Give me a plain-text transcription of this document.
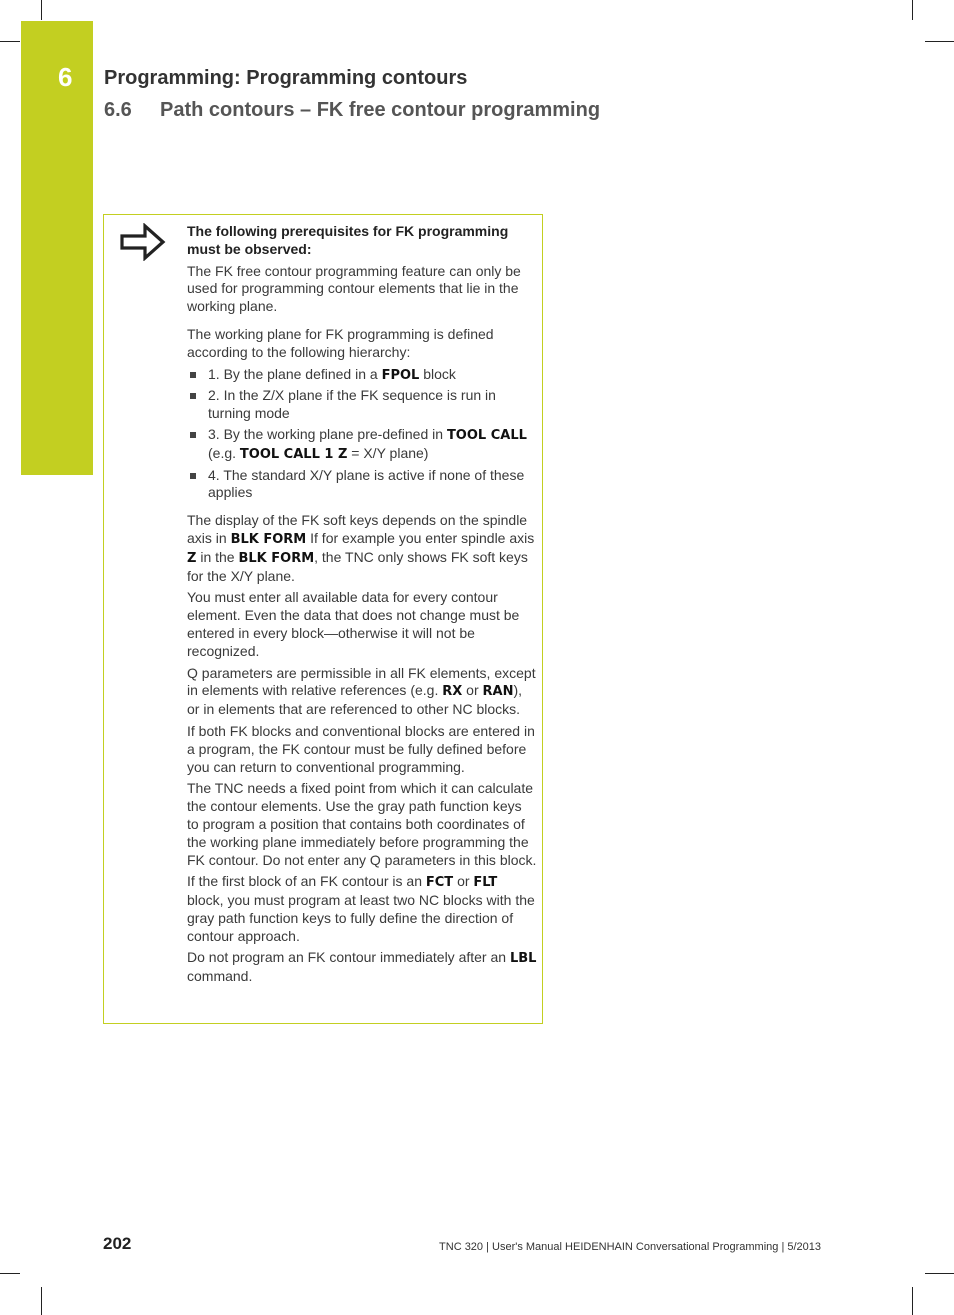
6 Programming: Programming contours
6.6 Path contours – FK free contour programming

The following prerequisites for FK programming must be observed:

The FK free contour programming feature can only be used for programming contour elements that lie in the working plane.

The working plane for FK programming is defined according to the following hierarchy:

1. By the plane defined in a FPOL block
2. In the Z/X plane if the FK sequence is run in turning mode
3. By the working plane pre-defined in TOOL CALL (e.g. TOOL CALL 1 Z = X/Y plane)
4. The standard X/Y plane is active if none of these applies

The display of the FK soft keys depends on the spindle axis in BLK FORM If for example you enter spindle axis Z in the BLK FORM, the TNC only shows FK soft keys for the X/Y plane.

You must enter all available data for every contour element. Even the data that does not change must be entered in every block—otherwise it will not be recognized.

Q parameters are permissible in all FK elements, except in elements with relative references (e.g. RX or RAN), or in elements that are referenced to other NC blocks.

If both FK blocks and conventional blocks are entered in a program, the FK contour must be fully defined before you can return to conventional programming.

The TNC needs a fixed point from which it can calculate the contour elements. Use the gray path function keys to program a position that contains both coordinates of the working plane immediately before programming the FK contour. Do not enter any Q parameters in this block.

If the first block of an FK contour is an FCT or FLT block, you must program at least two NC blocks with the gray path function keys to fully define the direction of contour approach.

Do not program an FK contour immediately after an LBL command.

202	TNC 320 | User's Manual HEIDENHAIN Conversational Programming | 5/2013
